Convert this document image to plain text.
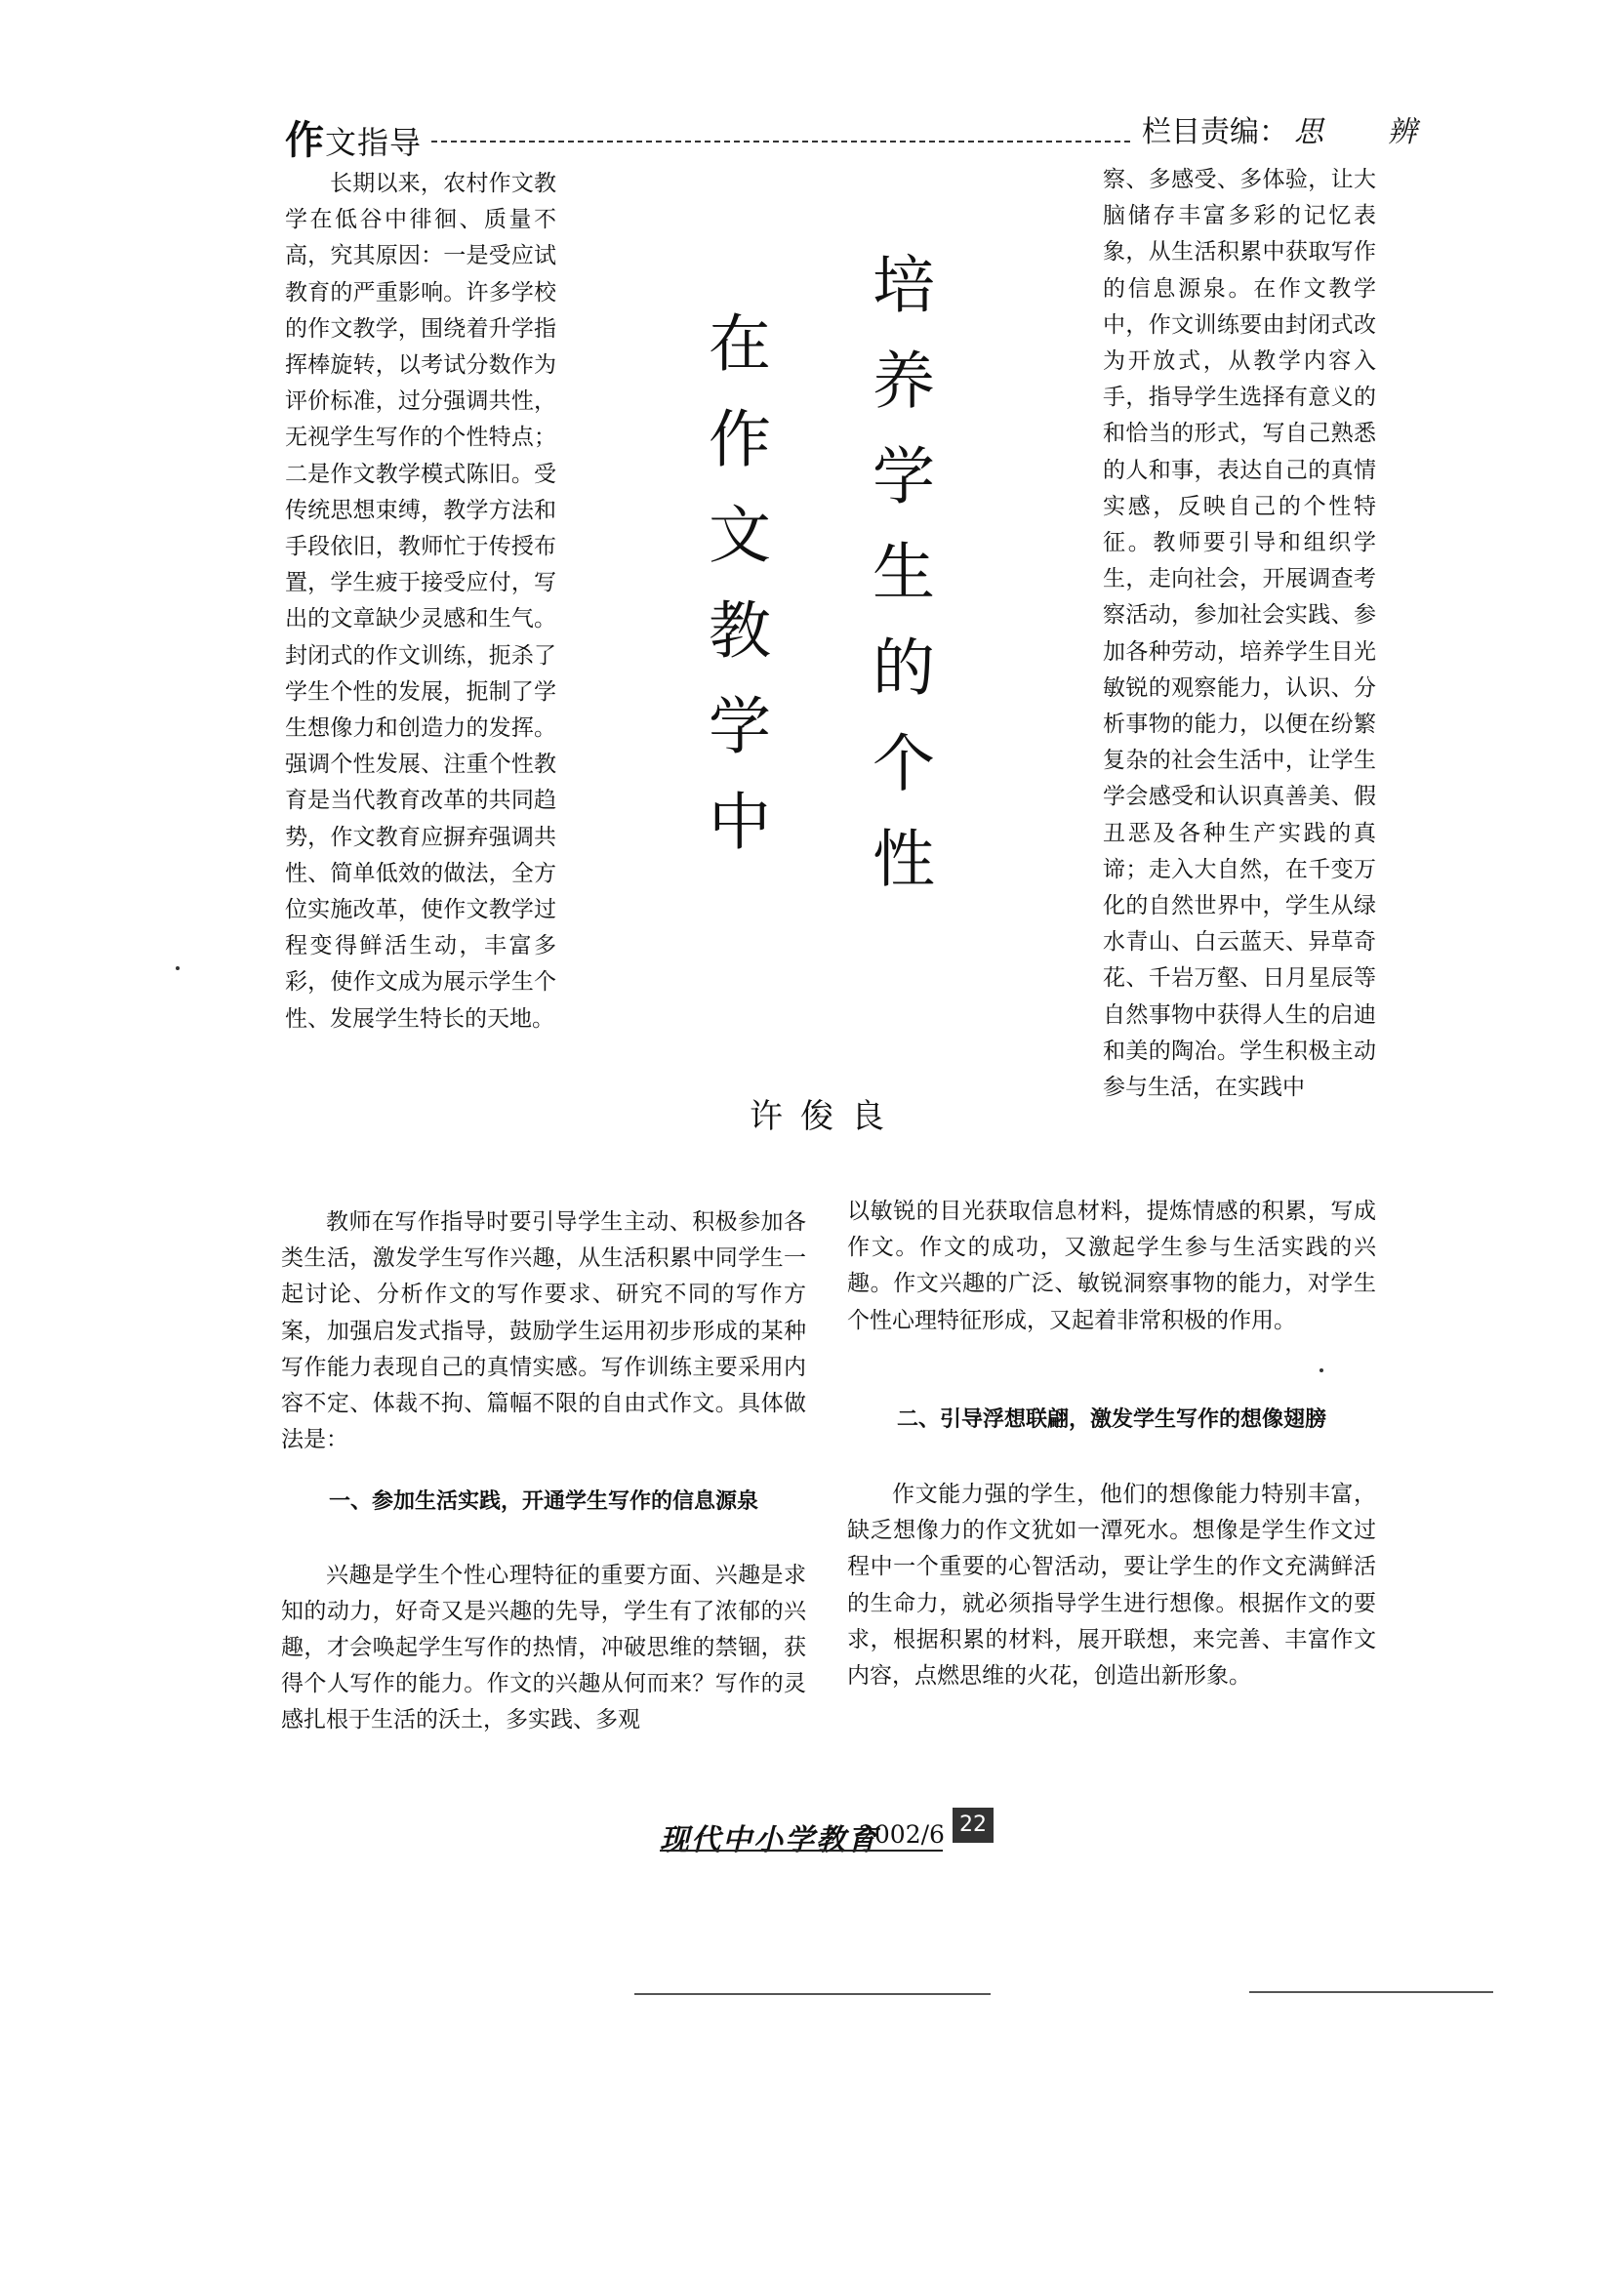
作文指导	栏目责编： 思 辨

长期以来，农村作文教学在低谷中徘徊、质量不高，究其原因：一是受应试教育的严重影响。许多学校的作文教学，围绕着升学指挥棒旋转，以考试分数作为评价标准，过分强调共性，无视学生写作的个性特点；二是作文教学模式陈旧。受传统思想束缚，教学方法和手段依旧，教师忙于传授布置，学生疲于接受应付，写出的文章缺少灵感和生气。封闭式的作文训练，扼杀了学生个性的发展，扼制了学生想像力和创造力的发挥。强调个性发展、注重个性教育是当代教育改革的共同趋势，作文教育应摒弃强调共性、简单低效的做法，全方位实施改革，使作文教学过程变得鲜活生动，丰富多彩，使作文成为展示学生个性、发展学生特长的天地。

培养学生的个性
在作文教学中
许俊良

察、多感受、多体验，让大脑储存丰富多彩的记忆表象，从生活积累中获取写作的信息源泉。在作文教学中，作文训练要由封闭式改为开放式，从教学内容入手，指导学生选择有意义的和恰当的形式，写自己熟悉的人和事，表达自己的真情实感，反映自己的个性特征。教师要引导和组织学生，走向社会，开展调查考察活动，参加社会实践、参加各种劳动，培养学生目光敏锐的观察能力，认识、分析事物的能力，以便在纷繁复杂的社会生活中，让学生学会感受和认识真善美、假丑恶及各种生产实践的真谛；走入大自然，在千变万化的自然世界中，学生从绿水青山、白云蓝天、异草奇花、千岩万壑、日月星辰等自然事物中获得人生的启迪和美的陶冶。学生积极主动参与生活，在实践中

教师在写作指导时要引导学生主动、积极参加各类生活，激发学生写作兴趣，从生活积累中同学生一起讨论、分析作文的写作要求、研究不同的写作方案，加强启发式指导，鼓励学生运用初步形成的某种写作能力表现自己的真情实感。写作训练主要采用内容不定、体裁不拘、篇幅不限的自由式作文。具体做法是：

一、参加生活实践，开通学生写作的信息源泉

兴趣是学生个性心理特征的重要方面、兴趣是求知的动力，好奇又是兴趣的先导，学生有了浓郁的兴趣，才会唤起学生写作的热情，冲破思维的禁锢，获得个人写作的能力。作文的兴趣从何而来？写作的灵感扎根于生活的沃土，多实践、多观

以敏锐的目光获取信息材料，提炼情感的积累，写成作文。作文的成功，又激起学生参与生活实践的兴趣。作文兴趣的广泛、敏锐洞察事物的能力，对学生个性心理特征形成，又起着非常积极的作用。

二、引导浮想联翩，激发学生写作的想像翅膀

作文能力强的学生，他们的想像能力特别丰富，缺乏想像力的作文犹如一潭死水。想像是学生作文过程中一个重要的心智活动，要让学生的作文充满鲜活的生命力，就必须指导学生进行想像。根据作文的要求，根据积累的材料，展开联想，来完善、丰富作文内容，点燃思维的火花，创造出新形象。

现代中小学教育
2002/6 22
